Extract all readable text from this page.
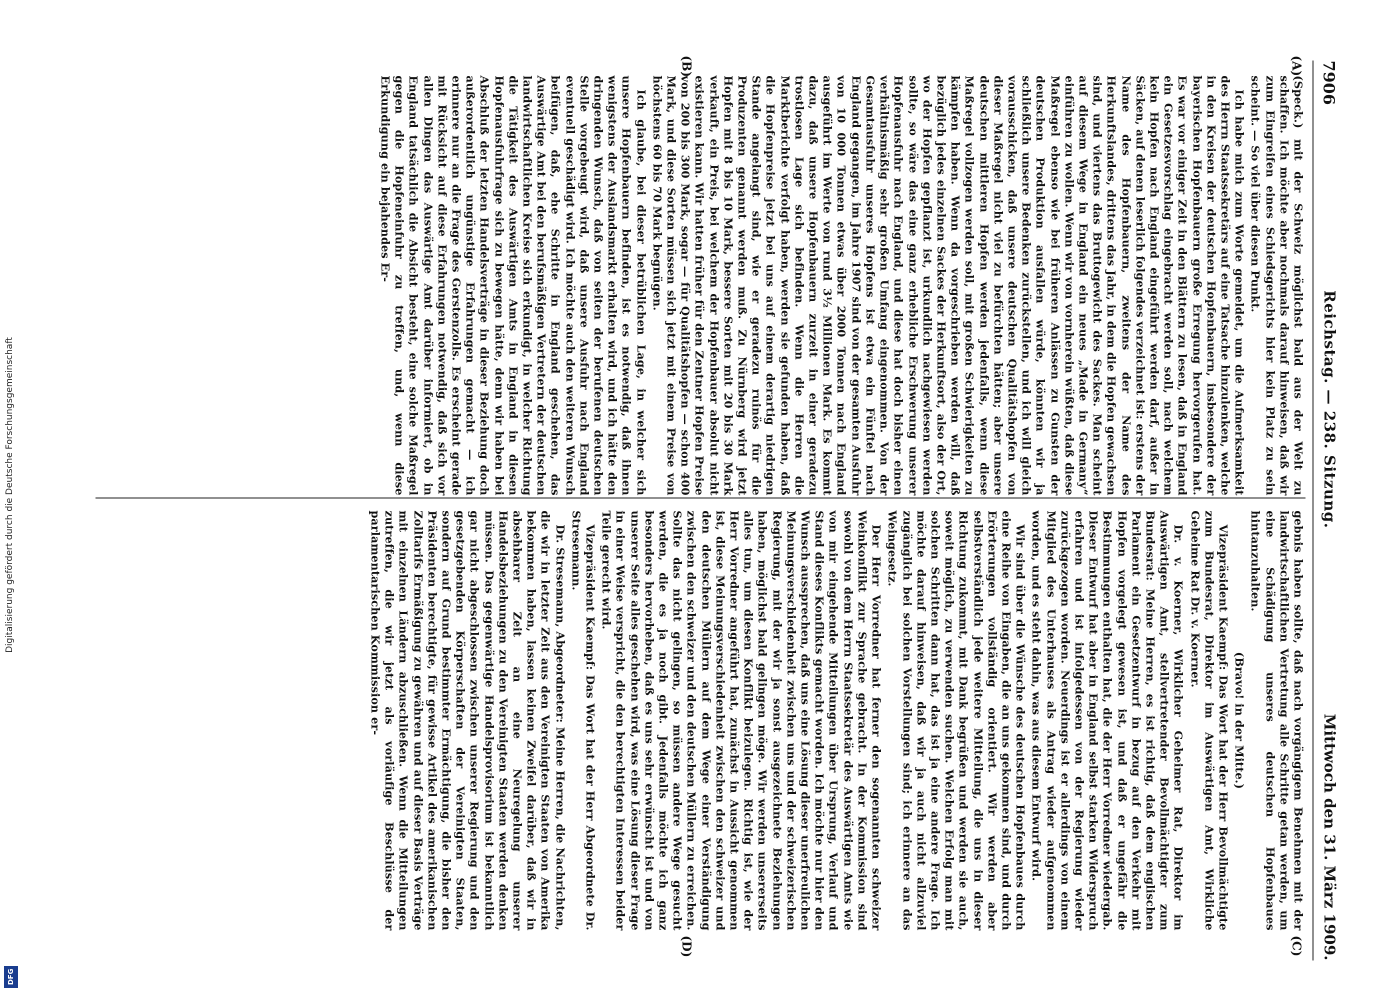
7906
Reichstag. — 238. Sitzung.
Mittwoch den 31. März 1909.
(A)
(B)
(C)
(D)

(Speck.) mit der Schweiz möglichst bald aus der Welt zu schaffen. Ich möchte aber nochmals darauf hinweisen, daß wir zum Eingreifen eines Schiedsgerichts hier kein Platz zu sein scheint. — So viel über diesen Punkt.

Ich habe mich zum Worte gemeldet, um die Aufmerksamkeit des Herrn Staatssekretärs auf eine Tatsache hinzulenken, welche in den Kreisen der deutschen Hopfenbauern, insbesondere der bayerischen Hopfenbauern große Erregung hervorgerufen hat. Es war vor einiger Zeit in den Blättern zu lesen, daß in England ein Gesetzesvorschlag eingebracht werden soll, nach welchem kein Hopfen nach England eingeführt werden darf, außer in Säcken, auf denen leserlich folgendes verzeichnet ist: erstens der Name des Hopfenbauern, zweitens der Name des Herkunftslandes, drittens das Jahr, in dem die Hopfen gewachsen sind, und viertens das Bruttogewicht des Sackes. Man scheint auf diesem Wege in England ein neues „Made in Germany“ einführen zu wollen. Wenn wir von vornherein wüßten, daß diese Maßregel ebenso wie bei früheren Anlässen zu Gunsten der deutschen Produktion ausfallen würde, könnten wir ja schließlich unsere Bedenken zurückstellen, und ich will gleich vorausschicken, daß unsere deutschen Qualitätshopfen von dieser Maßregel nicht viel zu befürchten hätten; aber unsere deutschen mittleren Hopfen werden jedenfalls, wenn diese Maßregel vollzogen werden soll, mit großen Schwierigkeiten zu kämpfen haben. Wenn da vorgeschrieben werden will, daß bezüglich jedes einzelnen Sackes der Herkunftsort, also der Ort, wo der Hopfen gepflanzt ist, urkundlich nachgewiesen werden sollte, so wäre das eine ganz erhebliche Erschwerung unserer Hopfenausfuhr nach England, und diese hat doch bisher einen verhältnismäßig sehr großen Umfang eingenommen. Von der Gesamtausfuhr unseres Hopfens ist etwa ein Fünftel nach England gegangen, im Jahre 1907 sind von der gesamten Ausfuhr von 10 000 Tonnen etwas über 2000 Tonnen nach England ausgeführt im Werte von rund 3½ Millionen Mark. Es kommt dazu, daß unsere Hopfenbauern zurzeit in einer geradezu trostlosen Lage sich befinden. Wenn die Herren die Marktberichte verfolgt haben, werden sie gefunden haben, daß die Hopfenpreise jetzt bei uns auf einem derartig niedrigen Stande angelangt sind, wie er geradezu ruinös für die Produzenten genannt werden muß. Zu Nürnberg wird jetzt Hopfen mit 8 bis 10 Mark, bessere Sorten mit 20 bis 30 Mark verkauft, ein Preis, bei welchem der Hopfenbauer absolut nicht existieren kann. Wir hatten früher für den Zentner Hopfen Preise von 200 bis 300 Mark, sogar — für Qualitätshopfen — schon 400 Mark, und diese Sorten müssen sich jetzt mit einem Preise von höchstens 60 bis 70 Mark begnügen.

Ich glaube, bei dieser betrüblichen Lage, in welcher sich unsere Hopfenbauern befinden, ist es notwendig, daß ihnen wenigstens der Auslandsmarkt erhalten wird, und ich hätte den dringenden Wunsch, daß von seiten der berufenen deutschen Stelle vorgebeugt wird, daß unsere Ausfuhr nach England eventuell geschädigt wird. Ich möchte auch den weiteren Wunsch beifügen, daß, ehe Schritte in England geschehen, das Auswärtige Amt bei den berufsmäßigen Vertretern der deutschen landwirtschaftlichen Kreise sich erkundigt, in welcher Richtung die Tätigkeit des Auswärtigen Amts in England in diesen Hopfenausfuhrfrage sich zu bewegen hätte, denn wir haben bei Abschluß der letzten Handelsverträge in dieser Beziehung doch außerordentlich ungünstige Erfahrungen gemacht — ich erinnere nur an die Frage des Gerstenzolls. Es erscheint gerade mit Rücksicht auf diese Erfahrungen notwendig, daß sich vor allen Dingen das Auswärtige Amt darüber informiert, ob in England tatsächlich die Absicht besteht, eine solche Maßregel gegen die Hopfeneinfuhr zu treffen, und, wenn diese Erkundigung ein bejahendes Er-

gebnis haben sollte, daß nach vorgängigem Benehmen mit der landwirtschaftlichen Vertretung alle Schritte getan werden, um eine Schädigung unseres deutschen Hopfenbaues hintanzuhalten.

(Bravo! in der Mitte.)

Vizepräsident Kaempf: Das Wort hat der Herr Bevollmächtigte zum Bundesrat, Direktor im Auswärtigen Amt, Wirkliche Geheime Rat Dr. v. Koerner.

Dr. v. Koerner, Wirklicher Geheimer Rat, Direktor im Auswärtigen Amt, stellvertretender Bevollmächtigter zum Bundesrat: Meine Herren, es ist richtig, daß dem englischen Parlament ein Gesetzentwurf in bezug auf den Verkehr mit Hopfen vorgelegt gewesen ist, und daß er ungefähr die Bestimmungen enthalten hat, die der Herr Vorredner wiedergab. Dieser Entwurf hat aber in England selbst starken Widerspruch erfahren und ist infolgedessen von der Regierung wieder zurückgezogen worden. Neuerdings ist er allerdings von einem Mitglied des Unterhauses als Antrag wieder aufgenommen worden, und es steht dahin, was aus diesem Entwurf wird.

Wir sind über die Wünsche des deutschen Hopfenbaues durch eine Reihe von Eingaben, die an uns gekommen sind, und durch Erörterungen vollständig orientiert. Wir werden aber selbstverständlich jede weitere Mitteilung, die uns in dieser Richtung zukommt, mit Dank begrüßen und werden sie auch, soweit möglich, zu verwenden suchen. Welchen Erfolg man mit solchen Schritten dann hat, das ist ja eine andere Frage. Ich möchte darauf hinweisen, daß wir ja auch nicht allzuviel zugänglich bei solchen Vorstellungen sind; ich erinnere an das Weingesetz.

Der Herr Vorredner hat ferner den sogenannten schweizer Weinkonflikt zur Sprache gebracht. In der Kommission sind sowohl von dem Herrn Staatssekretär des Auswärtigen Amts wie von mir eingehende Mitteilungen über Ursprung, Verlauf und Stand dieses Konflikts gemacht worden. Ich möchte nur hier den Wunsch aussprechen, daß uns eine Lösung dieser unerfreulichen Meinungsverschiedenheit zwischen uns und der schweizerischen Regierung, mit der wir ja sonst ausgezeichnete Beziehungen haben, möglichst bald gelingen möge. Wir werden unsererseits alles tun, um diesen Konflikt beizulegen. Richtig ist, wie der Herr Vorredner angeführt hat, zunächst in Aussicht genommen ist, diese Meinungsverschiedenheit zwischen den schweizer und den deutschen Müllern auf dem Wege einer Verständigung zwischen den schweizer und den deutschen Müllern zu erreichen. Sollte das nicht gelingen, so müssen andere Wege gesucht werden, die es ja noch gibt. Jedenfalls möchte ich ganz besonders hervorheben, daß es uns sehr erwünscht ist und von unserer Seite alles geschehen wird, was eine Lösung dieser Frage in einer Weise verspricht, die den berechtigten Interessen beider Teile gerecht wird.

Vizepräsident Kaempf: Das Wort hat der Herr Abgeordnete Dr. Stresemann.

Dr. Stresemann, Abgeordneter: Meine Herren, die Nachrichten, die wir in letzter Zeit aus den Vereinigten Staaten von Amerika bekommen haben, lassen keinen Zweifel darüber, daß wir in absehbarer Zeit an eine Neuregelung unserer Handelsbeziehungen zu den Vereinigten Staaten werden denken müssen. Das gegenwärtige Handelsprovisorium ist bekanntlich gar nicht abgeschlossen zwischen unserer Regierung und den gesetzgebenden Körperschaften der Vereinigten Staaten, sondern auf Grund bestimmter Ermächtigung, die bisher den Präsidenten berechtigte, für gewisse Artikel des amerikanischen Zolltarifs Ermäßigung zu gewähren und auf dieser Basis Verträge mit einzelnen Ländern abzuschließen. Wenn die Mitteilungen zutreffen, die wir jetzt als vorläufige Beschlüsse der parlamentarischen Kommission er-

Digitalisierung gefördert durch die Deutsche Forschungsgemeinschaft
DFG
